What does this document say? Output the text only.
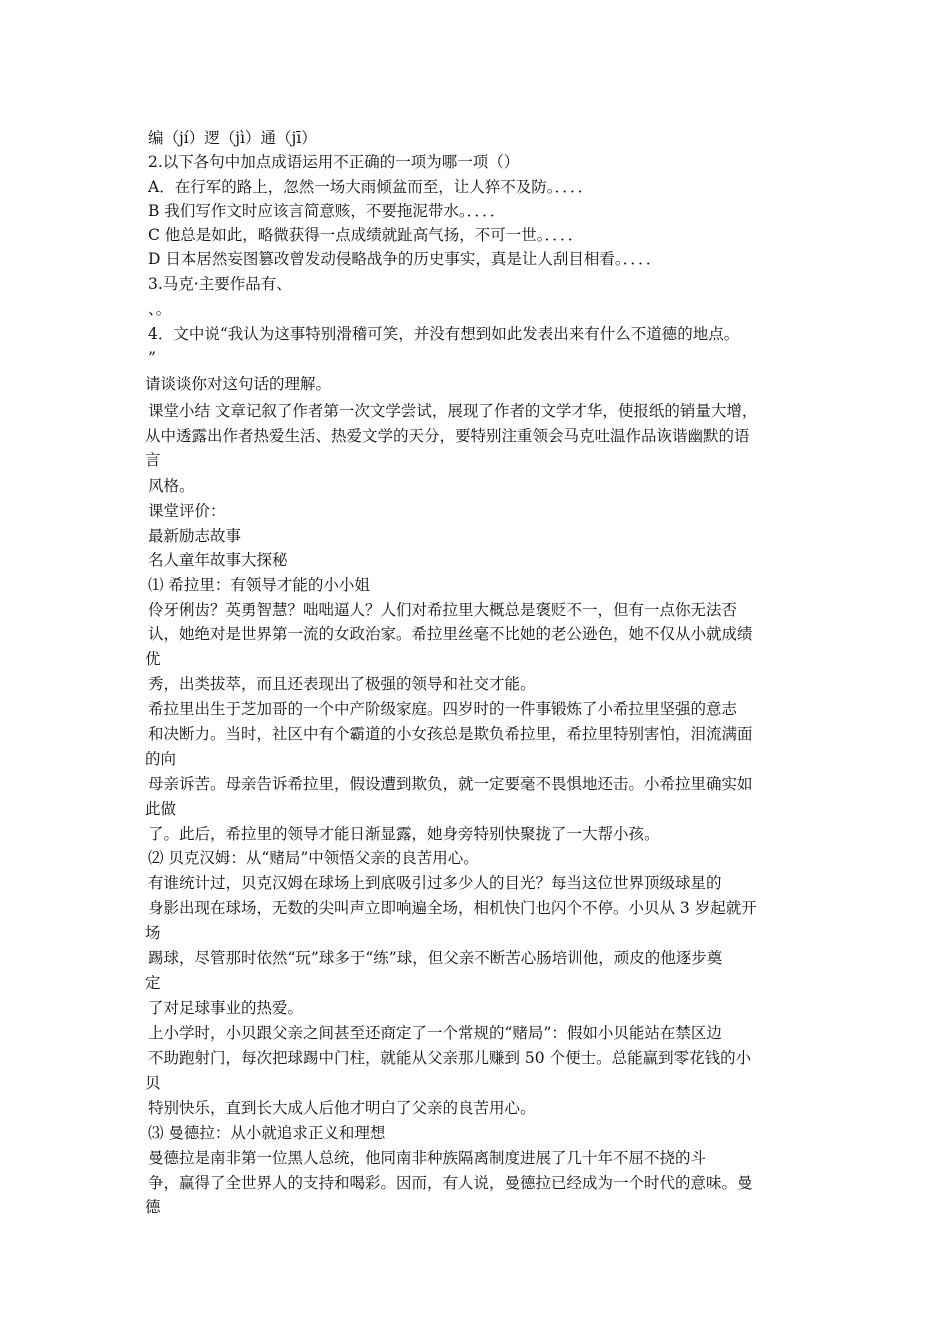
编（jí）逻（jì）通（jī）
2.以下各句中加点成语运用不正确的一项为哪一项（）
A．在行军的路上，忽然一场大雨倾盆而至，让人猝不及防。．．．．
B 我们写作文时应该言简意赅，不要拖泥带水。．．．．
C 他总是如此，略微获得一点成绩就趾高气扬，不可一世。．．．．
D 日本居然妄图篡改曾发动侵略战争的历史事实，真是让人刮目相看。．．．．
3.马克·主要作品有、
、。
4．文中说“我认为这事特别滑稽可笑，并没有想到如此发表出来有什么不道德的地点。
”
请谈谈你对这句话的理解。
课堂小结 文章记叙了作者第一次文学尝试，展现了作者的文学才华，使报纸的销量大增，
从中透露出作者热爱生活、热爱文学的天分，要特别注重领会马克吐温作品诙谐幽默的语
言
风格。
课堂评价：
最新励志故事
名人童年故事大探秘
⑴ 希拉里：有领导才能的小小姐
伶牙俐齿？英勇智慧？咄咄逼人？人们对希拉里大概总是褒贬不一，但有一点你无法否
认，她绝对是世界第一流的女政治家。希拉里丝毫不比她的老公逊色，她不仅从小就成绩
优
秀，出类拔萃，而且还表现出了极强的领导和社交才能。
希拉里出生于芝加哥的一个中产阶级家庭。四岁时的一件事锻炼了小希拉里坚强的意志
和决断力。当时，社区中有个霸道的小女孩总是欺负希拉里，希拉里特别害怕，泪流满面
的向
母亲诉苦。母亲告诉希拉里，假设遭到欺负，就一定要毫不畏惧地还击。小希拉里确实如
此做
了。此后，希拉里的领导才能日渐显露，她身旁特别快聚拢了一大帮小孩。
⑵ 贝克汉姆：从“赌局”中领悟父亲的良苦用心。
有谁统计过，贝克汉姆在球场上到底吸引过多少人的目光？每当这位世界顶级球星的
身影出现在球场，无数的尖叫声立即响遍全场，相机快门也闪个不停。小贝从 3 岁起就开
场
踢球，尽管那时依然“玩”球多于“练”球，但父亲不断苦心肠培训他，顽皮的他逐步奠
定
了对足球事业的热爱。
上小学时，小贝跟父亲之间甚至还商定了一个常规的“赌局”：假如小贝能站在禁区边
不助跑射门，每次把球踢中门柱，就能从父亲那儿赚到 50 个便士。总能赢到零花钱的小
贝
特别快乐，直到长大成人后他才明白了父亲的良苦用心。
⑶ 曼德拉：从小就追求正义和理想
曼德拉是南非第一位黑人总统，他同南非种族隔离制度进展了几十年不屈不挠的斗
争，赢得了全世界人的支持和喝彩。因而，有人说，曼德拉已经成为一个时代的意味。曼
德
